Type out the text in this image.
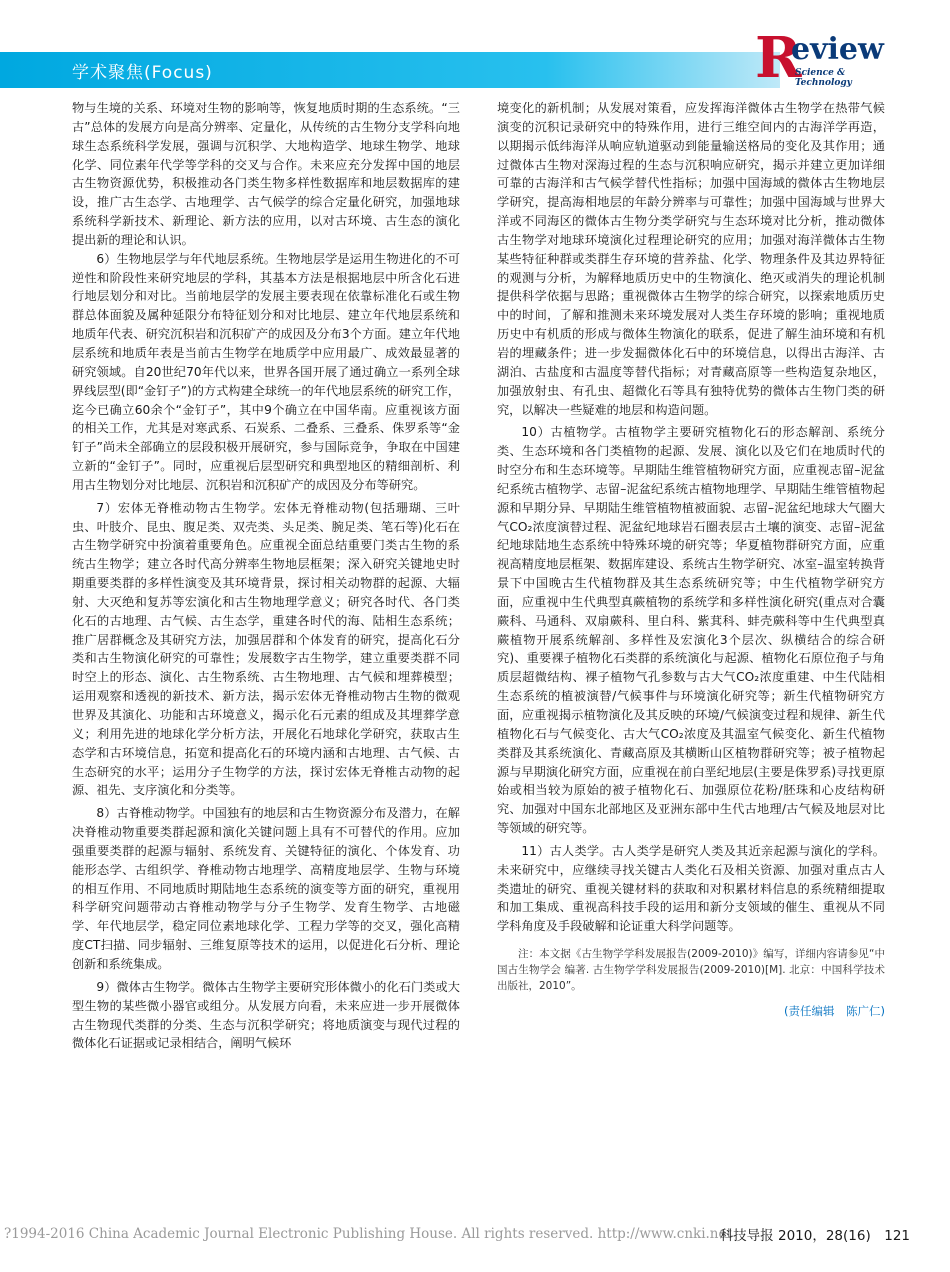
学术聚焦(Focus)	R
eview
Science & Technology

物与生境的关系、环境对生物的影响等，恢复地质时期的生态系统。“三古”总体的发展方向是高分辨率、定量化，从传统的古生物分支学科向地球生态系统科学发展，强调与沉积学、大地构造学、地球生物学、地球化学、同位素年代学等学科的交叉与合作。未来应充分发挥中国的地层古生物资源优势，积极推动各门类生物多样性数据库和地层数据库的建设，推广古生态学、古地理学、古气候学的综合定量化研究，加强地球系统科学新技术、新理论、新方法的应用，以对古环境、古生态的演化提出新的理论和认识。

6）生物地层学与年代地层系统。生物地层学是运用生物进化的不可逆性和阶段性来研究地层的学科，其基本方法是根据地层中所含化石进行地层划分和对比。当前地层学的发展主要表现在依靠标准化石或生物群总体面貌及属种延限分布特征划分和对比地层、建立年代地层系统和地质年代表、研究沉积岩和沉积矿产的成因及分布3个方面。建立年代地层系统和地质年表是当前古生物学在地质学中应用最广、成效最显著的研究领域。自20世纪70年代以来，世界各国开展了通过确立一系列全球界线层型(即“金钉子”)的方式构建全球统一的年代地层系统的研究工作，迄今已确立60余个“金钉子”，其中9个确立在中国华南。应重视该方面的相关工作，尤其是对寒武系、石炭系、二叠系、三叠系、侏罗系等“金钉子”尚未全部确立的层段积极开展研究，参与国际竞争，争取在中国建立新的“金钉子”。同时，应重视后层型研究和典型地区的精细剖析、利用古生物划分对比地层、沉积岩和沉积矿产的成因及分布等研究。

7）宏体无脊椎动物古生物学。宏体无脊椎动物(包括珊瑚、三叶虫、叶肢介、昆虫、腹足类、双壳类、头足类、腕足类、笔石等)化石在古生物学研究中扮演着重要角色。应重视全面总结重要门类古生物的系统古生物学；建立各时代高分辨率生物地层框架；深入研究关键地史时期重要类群的多样性演变及其环境背景，探讨相关动物群的起源、大辐射、大灭绝和复苏等宏演化和古生物地理学意义；研究各时代、各门类化石的古地理、古气候、古生态学，重建各时代的海、陆相生态系统；推广居群概念及其研究方法，加强居群和个体发育的研究，提高化石分类和古生物演化研究的可靠性；发展数字古生物学，建立重要类群不同时空上的形态、演化、古生物系统、古生物地理、古气候和埋葬模型；运用观察和透视的新技术、新方法，揭示宏体无脊椎动物古生物的微观世界及其演化、功能和古环境意义，揭示化石元素的组成及其埋葬学意义；利用先进的地球化学分析方法，开展化石地球化学研究，获取古生态学和古环境信息，拓宽和提高化石的环境内涵和古地理、古气候、古生态研究的水平；运用分子生物学的方法，探讨宏体无脊椎古动物的起源、祖先、支序演化和分类等。

8）古脊椎动物学。中国独有的地层和古生物资源分布及潜力，在解决脊椎动物重要类群起源和演化关键问题上具有不可替代的作用。应加强重要类群的起源与辐射、系统发育、关键特征的演化、个体发育、功能形态学、古组织学、脊椎动物古地理学、高精度地层学、生物与环境的相互作用、不同地质时期陆地生态系统的演变等方面的研究，重视用科学研究问题带动古脊椎动物学与分子生物学、发育生物学、古地磁学、年代地层学，稳定同位素地球化学、工程力学等的交叉，强化高精度CT扫描、同步辐射、三维复原等技术的运用，以促进化石分析、理论创新和系统集成。

9）微体古生物学。微体古生物学主要研究形体微小的化石门类或大型生物的某些微小器官或组分。从发展方向看，未来应进一步开展微体古生物现代类群的分类、生态与沉积学研究；将地质演变与现代过程的微体化石证据或记录相结合，阐明气候环

境变化的新机制；从发展对策看，应发挥海洋微体古生物学在热带气候演变的沉积记录研究中的特殊作用，进行三维空间内的古海洋学再造，以期揭示低纬海洋从响应轨道驱动到能量输送格局的变化及其作用；通过微体古生物对深海过程的生态与沉积响应研究，揭示并建立更加详细可靠的古海洋和古气候学替代性指标；加强中国海域的微体古生物地层学研究，提高海相地层的年龄分辨率与可靠性；加强中国海域与世界大洋或不同海区的微体古生物分类学研究与生态环境对比分析，推动微体古生物学对地球环境演化过程理论研究的应用；加强对海洋微体古生物某些特征种群或类群生存环境的营养盐、化学、物理条件及其边界特征的观测与分析，为解释地质历史中的生物演化、绝灭或消失的理论机制提供科学依据与思路；重视微体古生物学的综合研究，以探索地质历史中的时间，了解和推测未来环境发展对人类生存环境的影响；重视地质历史中有机质的形成与微体生物演化的联系，促进了解生油环境和有机岩的埋藏条件；进一步发掘微体化石中的环境信息，以得出古海洋、古湖泊、古盐度和古温度等替代指标；对青藏高原等一些构造复杂地区，加强放射虫、有孔虫、超微化石等具有独特优势的微体古生物门类的研究，以解决一些疑难的地层和构造问题。

10）古植物学。古植物学主要研究植物化石的形态解剖、系统分类、生态环境和各门类植物的起源、发展、演化以及它们在地质时代的时空分布和生态环境等。早期陆生维管植物研究方面，应重视志留–泥盆纪系统古植物学、志留–泥盆纪系统古植物地理学、早期陆生维管植物起源和早期分异、早期陆生维管植物植被面貌、志留–泥盆纪地球大气圈大气CO₂浓度演替过程、泥盆纪地球岩石圈表层古土壤的演变、志留–泥盆纪地球陆地生态系统中特殊环境的研究等；华夏植物群研究方面，应重视高精度地层框架、数据库建设、系统古生物学研究、冰室–温室转换背景下中国晚古生代植物群及其生态系统研究等；中生代植物学研究方面，应重视中生代典型真蕨植物的系统学和多样性演化研究(重点对合囊蕨科、马通科、双扇蕨科、里白科、紫萁科、蚌壳蕨科等中生代典型真蕨植物开展系统解剖、多样性及宏演化3个层次、纵横结合的综合研究)、重要裸子植物化石类群的系统演化与起源、植物化石原位孢子与角质层超微结构、裸子植物气孔参数与古大气CO₂浓度重建、中生代陆相生态系统的植被演替/气候事件与环境演化研究等；新生代植物研究方面，应重视揭示植物演化及其反映的环境/气候演变过程和规律、新生代植物化石与气候变化、古大气CO₂浓度及其温室气候变化、新生代植物类群及其系统演化、青藏高原及其横断山区植物群研究等；被子植物起源与早期演化研究方面，应重视在前白垩纪地层(主要是侏罗系)寻找更原始或相当较为原始的被子植物化石、加强原位花粉/胚珠和心皮结构研究、加强对中国东北部地区及亚洲东部中生代古地理/古气候及地层对比等领域的研究等。

11）古人类学。古人类学是研究人类及其近亲起源与演化的学科。未来研究中，应继续寻找关键古人类化石及相关资源、加强对重点古人类遗址的研究、重视关键材料的获取和对积累材料信息的系统精细提取和加工集成、重视高科技手段的运用和新分支领域的催生、重视从不同学科角度及手段破解和论证重大科学问题等。

注：本文据《古生物学学科发展报告(2009-2010)》编写，详细内容请参见“中国古生物学会 编著. 古生物学学科发展报告(2009-2010)[M]. 北京：中国科学技术出版社，2010”。
(责任编辑　陈广仁)
?1994-2016 China Academic Journal Electronic Publishing House. All rights reserved. http://www.cnki.net
科技导报 2010，28(16)　121
